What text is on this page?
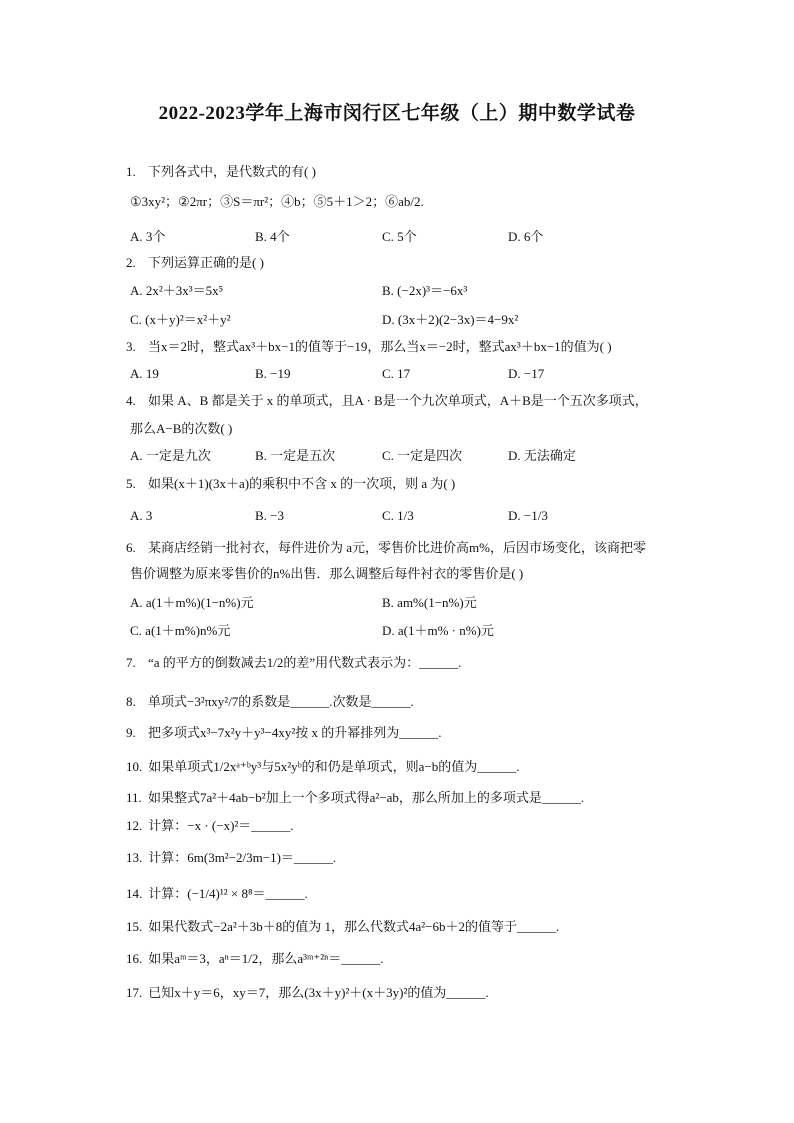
2022-2023学年上海市闵行区七年级（上）期中数学试卷
1. 下列各式中，是代数式的有( )
①3xy²；②2πr；③S＝πr²；④b；⑤5＋1＞2；⑥ab/2.
A. 3个	B. 4个	C. 5个	D. 6个
2. 下列运算正确的是( )
A. 2x²＋3x³＝5x⁵	B. (−2x)³＝−6x³
C. (x＋y)²＝x²＋y²	D. (3x＋2)(2−3x)＝4−9x²
3. 当x＝2时，整式ax³＋bx−1的值等于−19，那么当x＝−2时，整式ax³＋bx−1的值为( )
A. 19	B. −19	C. 17	D. −17
4. 如果 A、B 都是关于 x 的单项式，且A · B是一个九次单项式，A＋B是一个五次多项式，
那么A−B的次数( )
A. 一定是九次	B. 一定是五次	C. 一定是四次	D. 无法确定
5. 如果(x＋1)(3x＋a)的乘积中不含 x 的一次项，则 a 为( )
A. 3	B. −3	C. 1/3	D. −1/3
6. 某商店经销一批衬衣，每件进价为 a元，零售价比进价高m%，后因市场变化，该商把零
售价调整为原来零售价的n%出售．那么调整后每件衬衣的零售价是( )
A. a(1＋m%)(1−n%)元	B. am%(1−n%)元
C. a(1＋m%)n%元	D. a(1＋m% · n%)元
7. “a 的平方的倒数减去1/2的差”用代数式表示为：______.
8. 单项式−3²πxy²/7的系数是______.次数是______.
9. 把多项式x³−7x²y＋y³−4xy²按 x 的升幂排列为______.
10. 如果单项式1/2xᵃ⁺ᵇy³与5x²yᵇ的和仍是单项式，则a−b的值为______.
11. 如果整式7a²＋4ab−b²加上一个多项式得a²−ab，那么所加上的多项式是______.
12. 计算：−x · (−x)²＝______.
13. 计算：6m(3m²−2/3m−1)＝______.
14. 计算：(−1/4)¹² × 8⁸＝______.
15. 如果代数式−2a²＋3b＋8的值为 1，那么代数式4a²−6b＋2的值等于______.
16. 如果aᵐ＝3，aⁿ＝1/2，那么a³ᵐ⁺²ⁿ＝______.
17. 已知x＋y＝6，xy＝7，那么(3x＋y)²＋(x＋3y)²的值为______.
